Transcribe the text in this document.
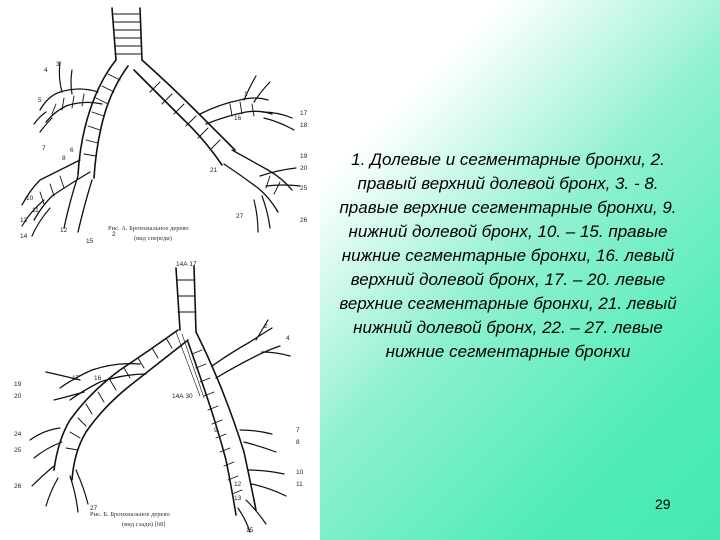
4
3
5
7
8
6
10
11
13
14
15
12
16
17
18
19
20
21
25
26
27
1
2
Рис. А. Бронхиальное дерево
(вид спереди)
14А 17
14А 30
2
4
7
8
9
10
12	11
13
15
16
17
19
20
24
25
26
27
Рис. Б. Бронхиальное дерево
(вид сзади) [68]
1. Долевые и сегментарные бронхи, 2. правый верхний долевой бронх, 3. - 8. правые верхние сегментарные бронхи, 9. нижний долевой бронх, 10. – 15. правые нижние сегментарные бронхи, 16. левый верхний долевой бронх, 17. – 20. левые верхние сегментарные бронхи, 21. левый нижний долевой бронх, 22. – 27. левые нижние сегментарные бронхи
29
